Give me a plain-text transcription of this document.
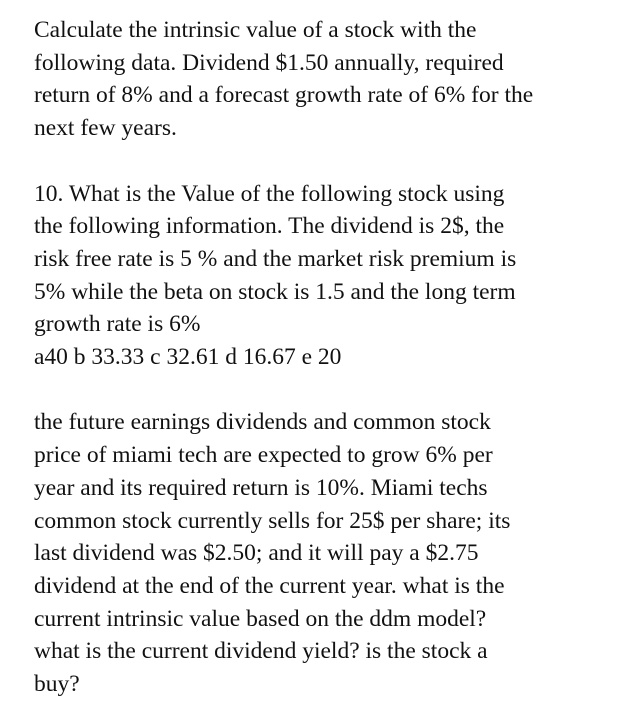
Calculate the intrinsic value of a stock with the
following data. Dividend $1.50 annually, required
return of 8% and a forecast growth rate of 6% for the
next few years.
10. What is the Value of the following stock using
the following information. The dividend is 2$, the
risk free rate is 5 % and the market risk premium is
5% while the beta on stock is 1.5 and the long term
growth rate is 6%
a40 b 33.33 c 32.61 d 16.67 e 20
the future earnings dividends and common stock
price of miami tech are expected to grow 6% per
year and its required return is 10%. Miami techs
common stock currently sells for 25$ per share; its
last dividend was $2.50; and it will pay a $2.75
dividend at the end of the current year. what is the
current intrinsic value based on the ddm model?
what is the current dividend yield? is the stock a
buy?
